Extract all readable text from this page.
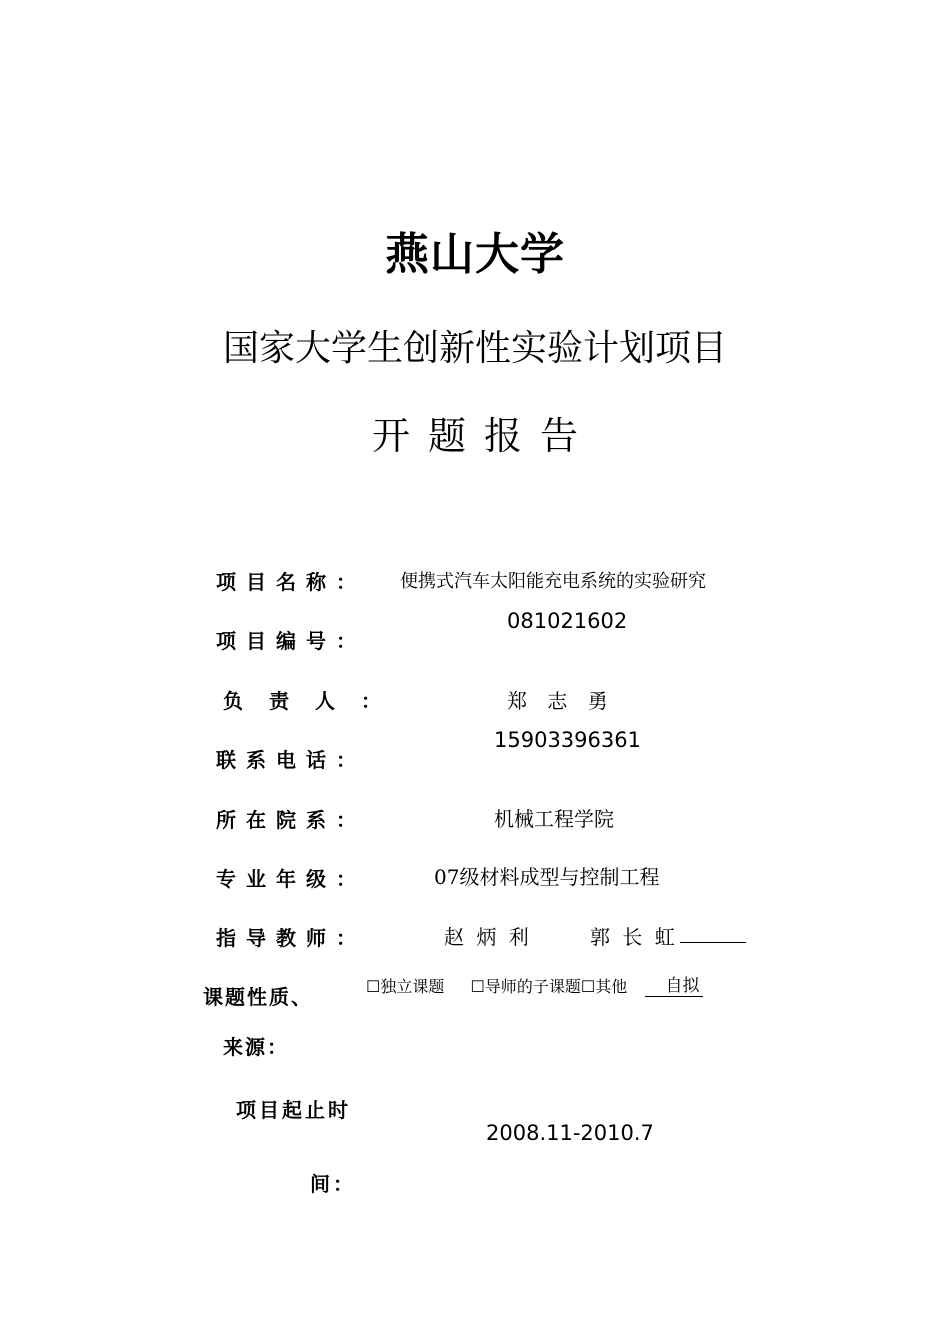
燕山大学
国家大学生创新性实验计划项目
开题报告
项目名称： 便携式汽车太阳能充电系统的实验研究
项目编号：
081021602
负责人：	郑 志 勇
联系电话：
15903396361
所在院系：	机械工程学院
专业年级：	07级材料成型与控制工程
指导教师：	赵 炳 利	郭 长 虹
课题性质、
来源：
☐独立课题 ☐导师的子课题☐其他 自拟
项目起止时
间：
2008.11-2010.7
